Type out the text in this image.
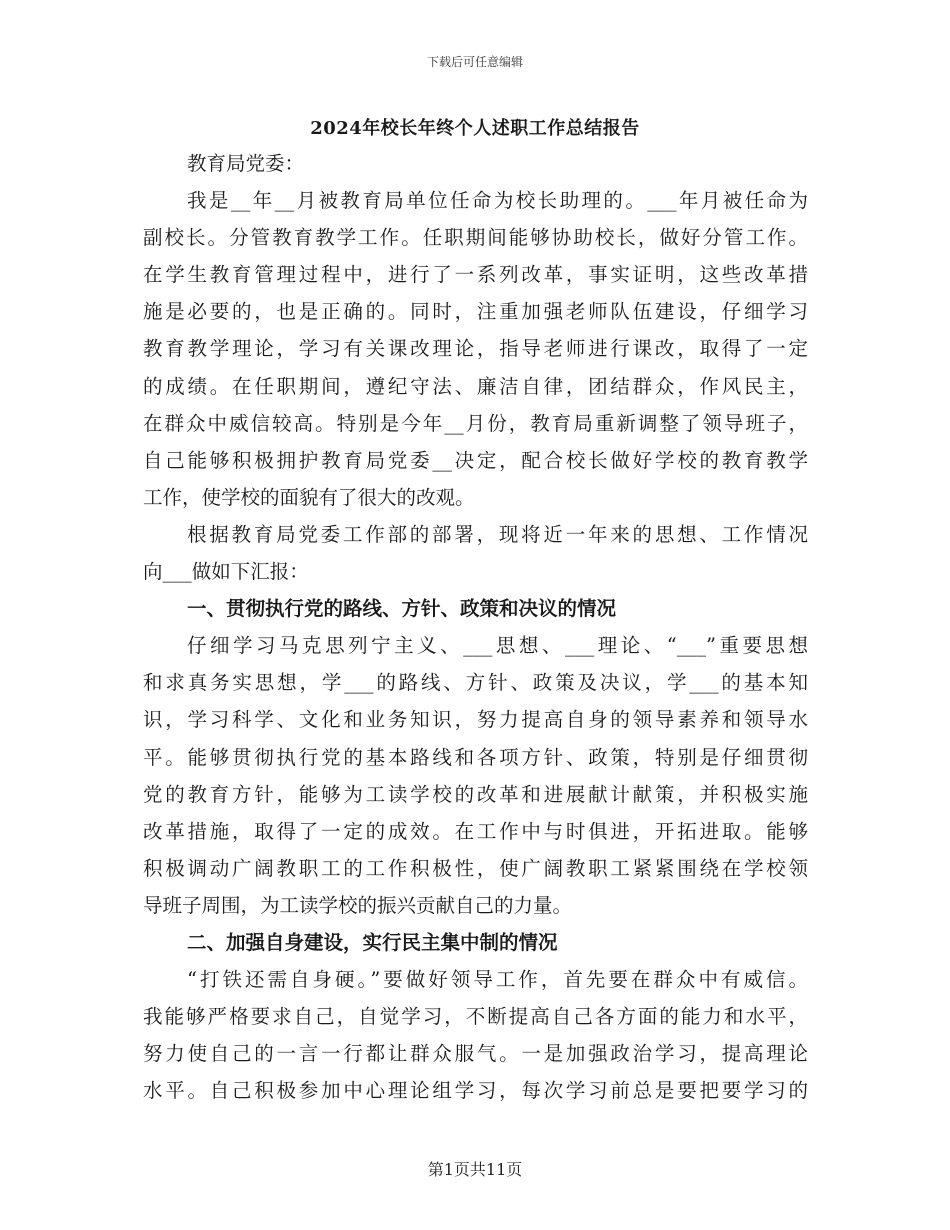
下载后可任意编辑
2024年校长年终个人述职工作总结报告
教育局党委：
我是__年__月被教育局单位任命为校长助理的。___年月被任命为
副校长。分管教育教学工作。任职期间能够协助校长，做好分管工作。
在学生教育管理过程中，进行了一系列改革，事实证明，这些改革措
施是必要的，也是正确的。同时，注重加强老师队伍建设，仔细学习
教育教学理论，学习有关课改理论，指导老师进行课改，取得了一定
的成绩。在任职期间，遵纪守法、廉洁自律，团结群众，作风民主，
在群众中威信较高。特别是今年__月份，教育局重新调整了领导班子，
自己能够积极拥护教育局党委__决定，配合校长做好学校的教育教学
工作，使学校的面貌有了很大的改观。
根据教育局党委工作部的部署，现将近一年来的思想、工作情况
向___做如下汇报：
一、贯彻执行党的路线、方针、政策和决议的情况
仔细学习马克思列宁主义、___思想、___理论、“___”重要思想
和求真务实思想，学___的路线、方针、政策及决议，学___的基本知
识，学习科学、文化和业务知识，努力提高自身的领导素养和领导水
平。能够贯彻执行党的基本路线和各项方针、政策，特别是仔细贯彻
党的教育方针，能够为工读学校的改革和进展献计献策，并积极实施
改革措施，取得了一定的成效。在工作中与时俱进，开拓进取。能够
积极调动广阔教职工的工作积极性，使广阔教职工紧紧围绕在学校领
导班子周围，为工读学校的振兴贡献自己的力量。
二、加强自身建设，实行民主集中制的情况
“打铁还需自身硬。”要做好领导工作，首先要在群众中有威信。
我能够严格要求自己，自觉学习，不断提高自己各方面的能力和水平，
努力使自己的一言一行都让群众服气。一是加强政治学习，提高理论
水平。自己积极参加中心理论组学习，每次学习前总是要把要学习的
第1页共11页
